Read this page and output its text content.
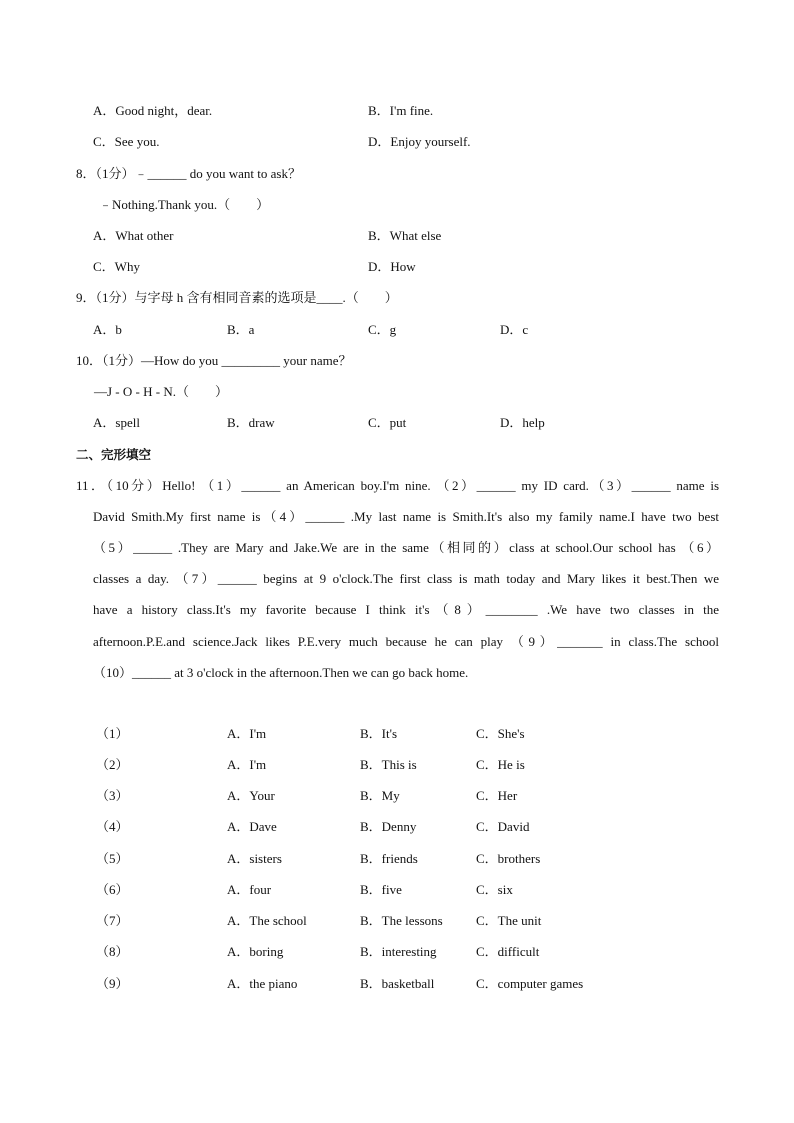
A．Good night，dear.	B．I'm fine.
C．See you.	D．Enjoy yourself.
8．（1分）﹣______ do you want to ask？
﹣Nothing.Thank you.（　　）
A．What other	B．What else
C．Why	D．How
9．（1分）与字母 h 含有相同音素的选项是____.（　　）
A．b	B．a	C．g	D．c
10．（1分）—How do you _________ your name？
—J - O - H - N.（　　）
A．spell	B．draw	C．put	D．help
二、完形填空
11．（10分）Hello! （1）______ an American boy.I'm nine. （2）______ my ID card.（3）______ name is
David Smith.My first name is（4）______ .My last name is Smith.It's also my family name.I have two best
（5）______ .They are Mary and Jake.We are in the same（相同的）class at school.Our school has （6）
classes a day. （7）______ begins at 9 o'clock.The first class is math today and Mary likes it best.Then we
have a history class.It's my favorite because I think it's（8）________ .We have two classes in the
afternoon.P.E.and science.Jack likes P.E.very much because he can play （9）_______ in class.The school
（10）______ at 3 o'clock in the afternoon.Then we can go back home.
（1）	A．I'm	B．It's	C．She's
（2）	A．I'm	B．This is	C．He is
（3）	A．Your	B．My	C．Her
（4）	A．Dave	B．Denny	C．David
（5）	A．sisters	B．friends	C．brothers
（6）	A．four	B．five	C．six
（7）	A．The school	B．The lessons	C．The unit
（8）	A．boring	B．interesting	C．difficult
（9）	A．the piano	B．basketball	C．computer games
